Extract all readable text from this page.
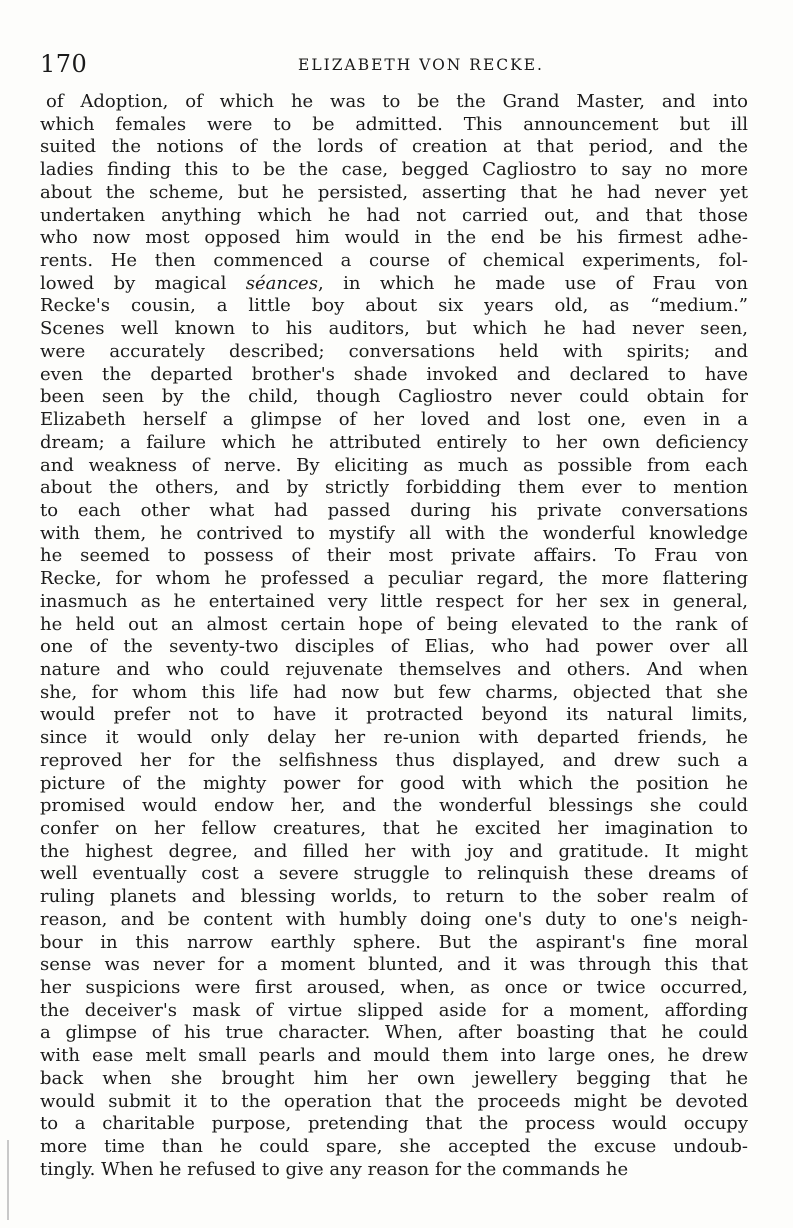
170	ELIZABETH VON RECKE.
of Adoption, of which he was to be the Grand Master, and into
which females were to be admitted. This announcement but ill
suited the notions of the lords of creation at that period, and the
ladies finding this to be the case, begged Cagliostro to say no more
about the scheme, but he persisted, asserting that he had never yet
undertaken anything which he had not carried out, and that those
who now most opposed him would in the end be his firmest adhe-
rents. He then commenced a course of chemical experiments, fol-
lowed by magical séances, in which he made use of Frau von
Recke's cousin, a little boy about six years old, as “medium.”
Scenes well known to his auditors, but which he had never seen,
were accurately described; conversations held with spirits; and
even the departed brother's shade invoked and declared to have
been seen by the child, though Cagliostro never could obtain for
Elizabeth herself a glimpse of her loved and lost one, even in a
dream; a failure which he attributed entirely to her own deficiency
and weakness of nerve. By eliciting as much as possible from each
about the others, and by strictly forbidding them ever to mention
to each other what had passed during his private conversations
with them, he contrived to mystify all with the wonderful knowledge
he seemed to possess of their most private affairs. To Frau von
Recke, for whom he professed a peculiar regard, the more flattering
inasmuch as he entertained very little respect for her sex in general,
he held out an almost certain hope of being elevated to the rank of
one of the seventy-two disciples of Elias, who had power over all
nature and who could rejuvenate themselves and others. And when
she, for whom this life had now but few charms, objected that she
would prefer not to have it protracted beyond its natural limits,
since it would only delay her re-union with departed friends, he
reproved her for the selfishness thus displayed, and drew such a
picture of the mighty power for good with which the position he
promised would endow her, and the wonderful blessings she could
confer on her fellow creatures, that he excited her imagination to
the highest degree, and filled her with joy and gratitude. It might
well eventually cost a severe struggle to relinquish these dreams of
ruling planets and blessing worlds, to return to the sober realm of
reason, and be content with humbly doing one's duty to one's neigh-
bour in this narrow earthly sphere. But the aspirant's fine moral
sense was never for a moment blunted, and it was through this that
her suspicions were first aroused, when, as once or twice occurred,
the deceiver's mask of virtue slipped aside for a moment, affording
a glimpse of his true character. When, after boasting that he could
with ease melt small pearls and mould them into large ones, he drew
back when she brought him her own jewellery begging that he
would submit it to the operation that the proceeds might be devoted
to a charitable purpose, pretending that the process would occupy
more time than he could spare, she accepted the excuse undoub-
tingly. When he refused to give any reason for the commands he
